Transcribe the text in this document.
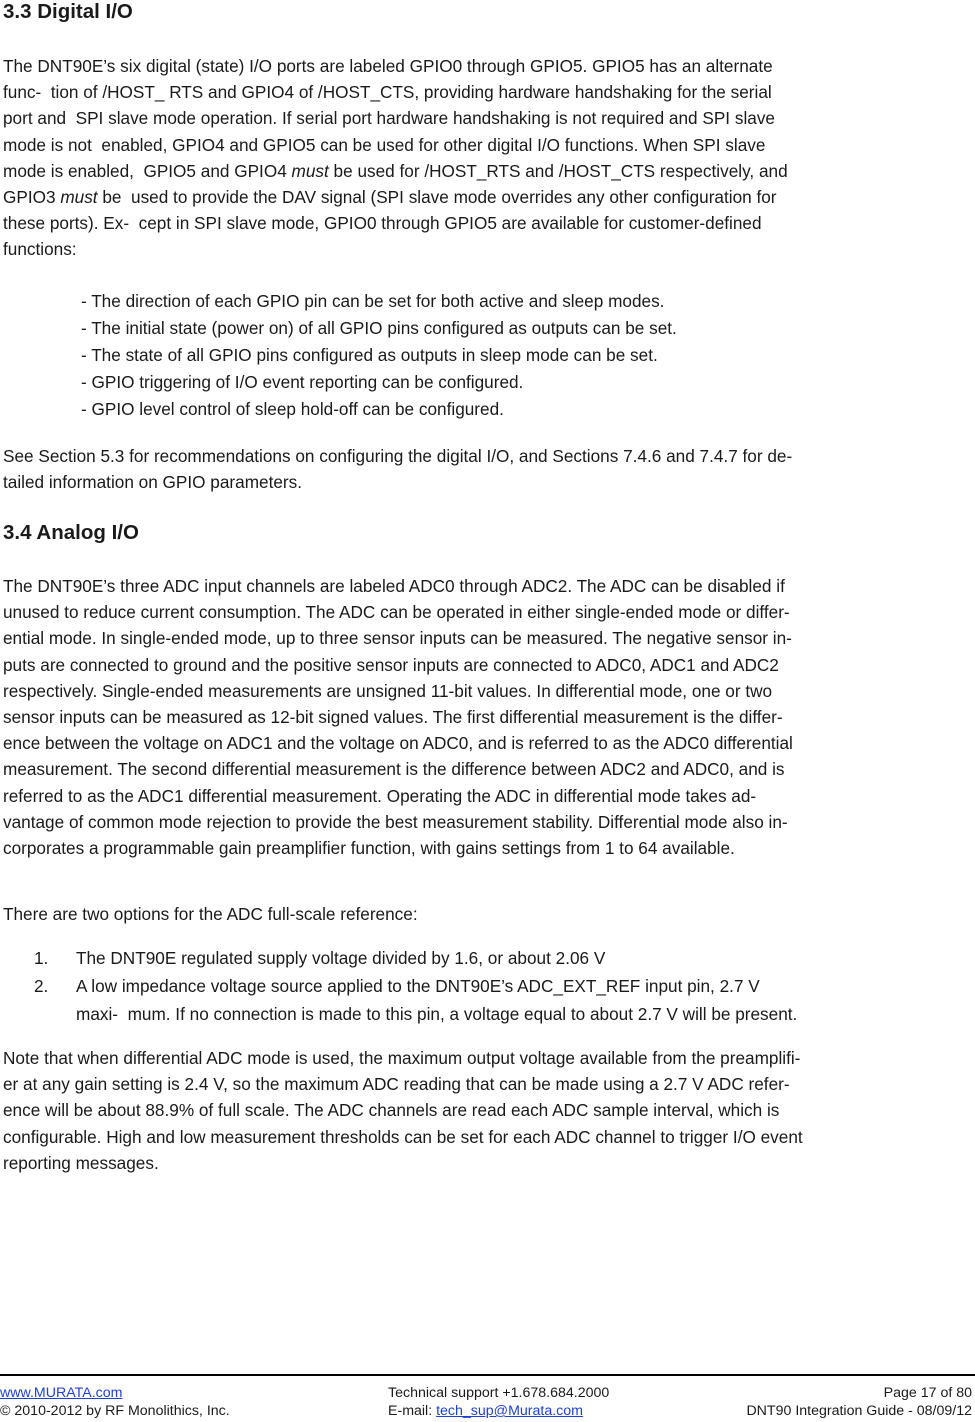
3.3 Digital I/O
The DNT90E’s six digital (state) I/O ports are labeled GPIO0 through GPIO5. GPIO5 has an alternate
func-  tion of /HOST_ RTS and GPIO4 of /HOST_CTS, providing hardware handshaking for the serial
port and  SPI slave mode operation. If serial port hardware handshaking is not required and SPI slave
mode is not  enabled, GPIO4 and GPIO5 can be used for other digital I/O functions. When SPI slave
mode is enabled,  GPIO5 and GPIO4 must be used for /HOST_RTS and /HOST_CTS respectively, and
GPIO3 must be  used to provide the DAV signal (SPI slave mode overrides any other configuration for
these ports). Ex-  cept in SPI slave mode, GPIO0 through GPIO5 are available for customer-defined
functions:
- The direction of each GPIO pin can be set for both active and sleep modes.
- The initial state (power on) of all GPIO pins configured as outputs can be set.
- The state of all GPIO pins configured as outputs in sleep mode can be set.
- GPIO triggering of I/O event reporting can be configured.
- GPIO level control of sleep hold-off can be configured.
See Section 5.3 for recommendations on configuring the digital I/O, and Sections 7.4.6 and 7.4.7 for de-
tailed information on GPIO parameters.
3.4 Analog I/O
The DNT90E’s three ADC input channels are labeled ADC0 through ADC2. The ADC can be disabled if
unused to reduce current consumption. The ADC can be operated in either single-ended mode or differ-
ential mode. In single-ended mode, up to three sensor inputs can be measured. The negative sensor in-
puts are connected to ground and the positive sensor inputs are connected to ADC0, ADC1 and ADC2
respectively. Single-ended measurements are unsigned 11-bit values. In differential mode, one or two
sensor inputs can be measured as 12-bit signed values. The first differential measurement is the differ-
ence between the voltage on ADC1 and the voltage on ADC0, and is referred to as the ADC0 differential
measurement. The second differential measurement is the difference between ADC2 and ADC0, and is
referred to as the ADC1 differential measurement. Operating the ADC in differential mode takes ad-
vantage of common mode rejection to provide the best measurement stability. Differential mode also in-
corporates a programmable gain preamplifier function, with gains settings from 1 to 64 available.
There are two options for the ADC full-scale reference:
1. The DNT90E regulated supply voltage divided by 1.6, or about 2.06 V
2. A low impedance voltage source applied to the DNT90E’s ADC_EXT_REF input pin, 2.7 V
maxi-  mum. If no connection is made to this pin, a voltage equal to about 2.7 V will be present.
Note that when differential ADC mode is used, the maximum output voltage available from the preamplifi-
er at any gain setting is 2.4 V, so the maximum ADC reading that can be made using a 2.7 V ADC refer-
ence will be about 88.9% of full scale. The ADC channels are read each ADC sample interval, which is
configurable. High and low measurement thresholds can be set for each ADC channel to trigger I/O event
reporting messages.
www.MURATA.com
© 2010-2012 by RF Monolithics, Inc.
Technical support +1.678.684.2000
E-mail: tech_sup@Murata.com
Page 17 of 80
DNT90 Integration Guide - 08/09/12
